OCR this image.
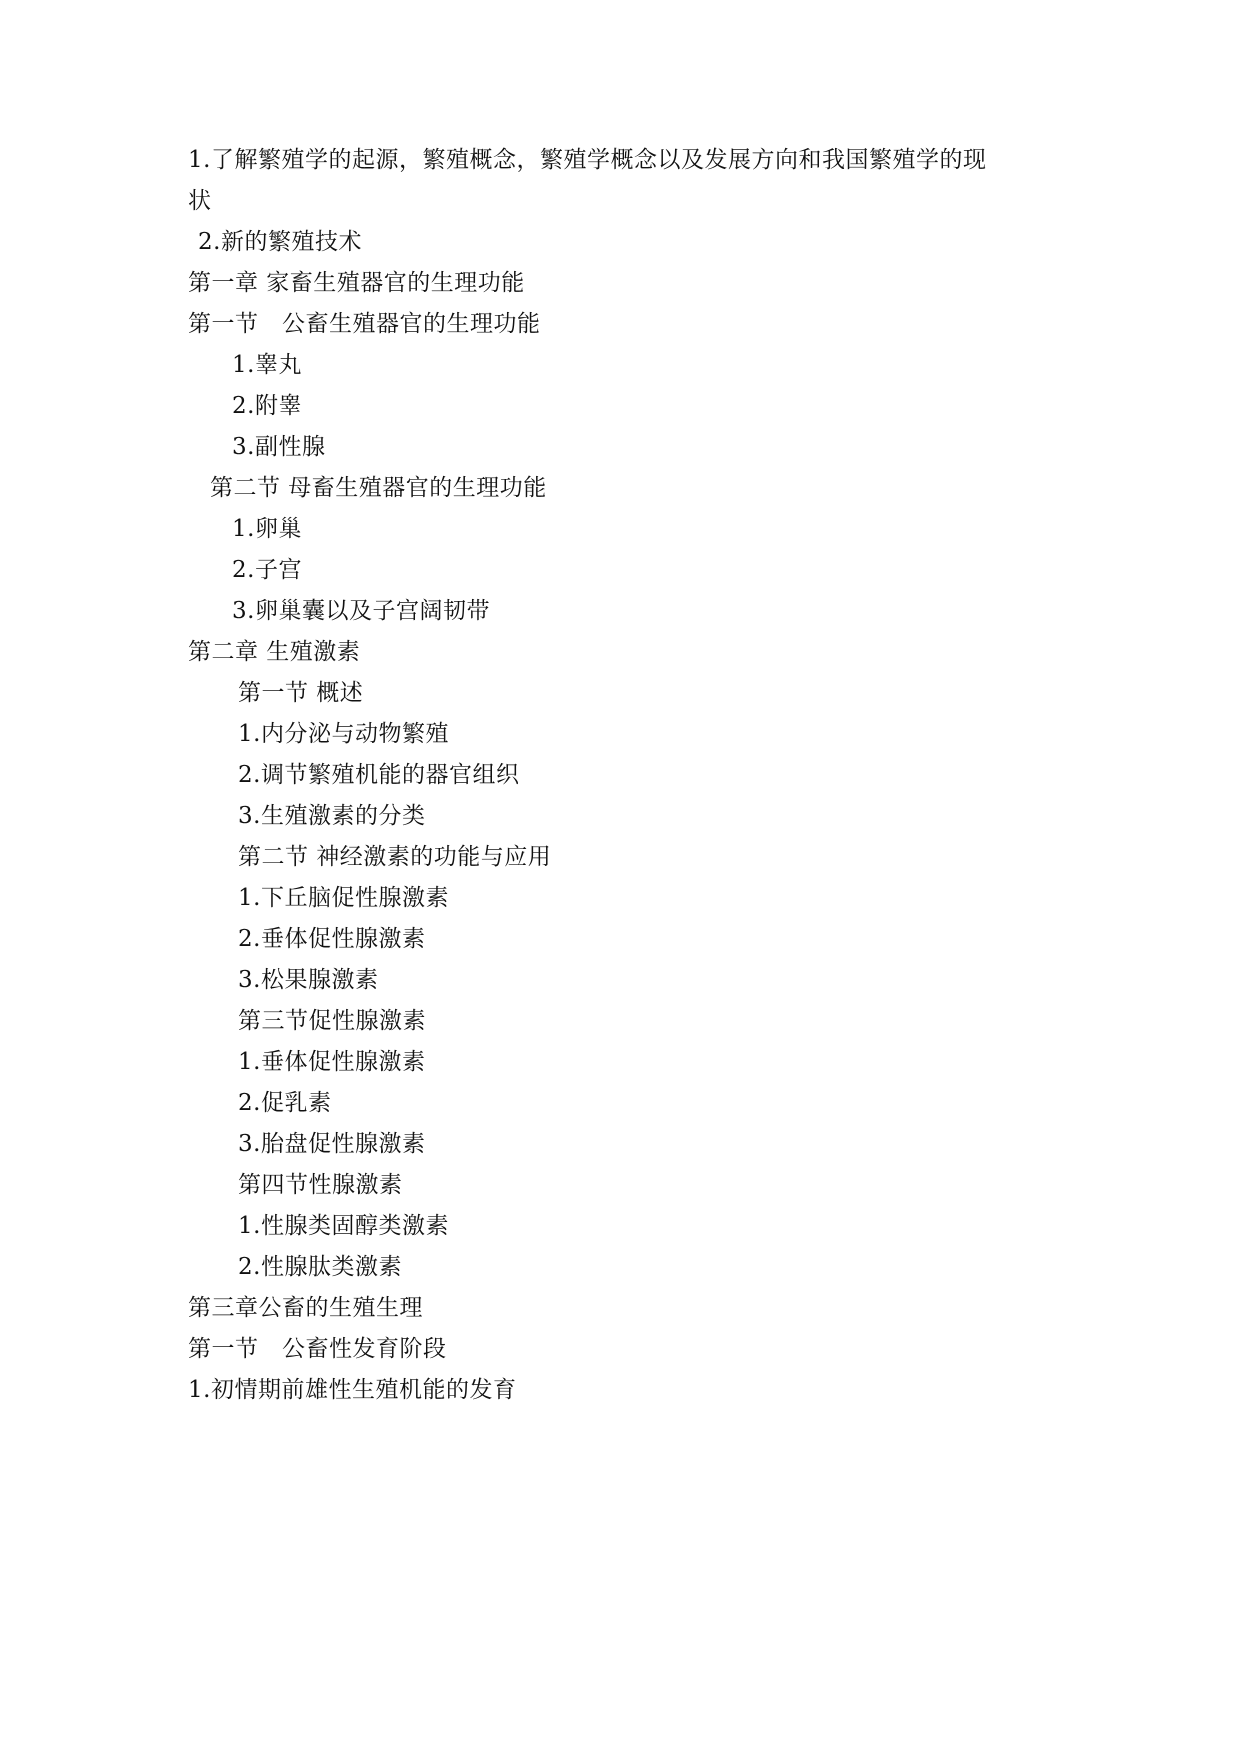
1.了解繁殖学的起源，繁殖概念，繁殖学概念以及发展方向和我国繁殖学的现
状
2.新的繁殖技术
第一章 家畜生殖器官的生理功能
第一节　公畜生殖器官的生理功能
1.睾丸
2.附睾
3.副性腺
第二节 母畜生殖器官的生理功能
1.卵巢
2.子宫
3.卵巢囊以及子宫阔韧带
第二章 生殖激素
第一节 概述
1.内分泌与动物繁殖
2.调节繁殖机能的器官组织
3.生殖激素的分类
第二节 神经激素的功能与应用
1.下丘脑促性腺激素
2.垂体促性腺激素
3.松果腺激素
第三节促性腺激素
1.垂体促性腺激素
2.促乳素
3.胎盘促性腺激素
第四节性腺激素
1.性腺类固醇类激素
2.性腺肽类激素
第三章公畜的生殖生理
第一节　公畜性发育阶段
1.初情期前雄性生殖机能的发育
